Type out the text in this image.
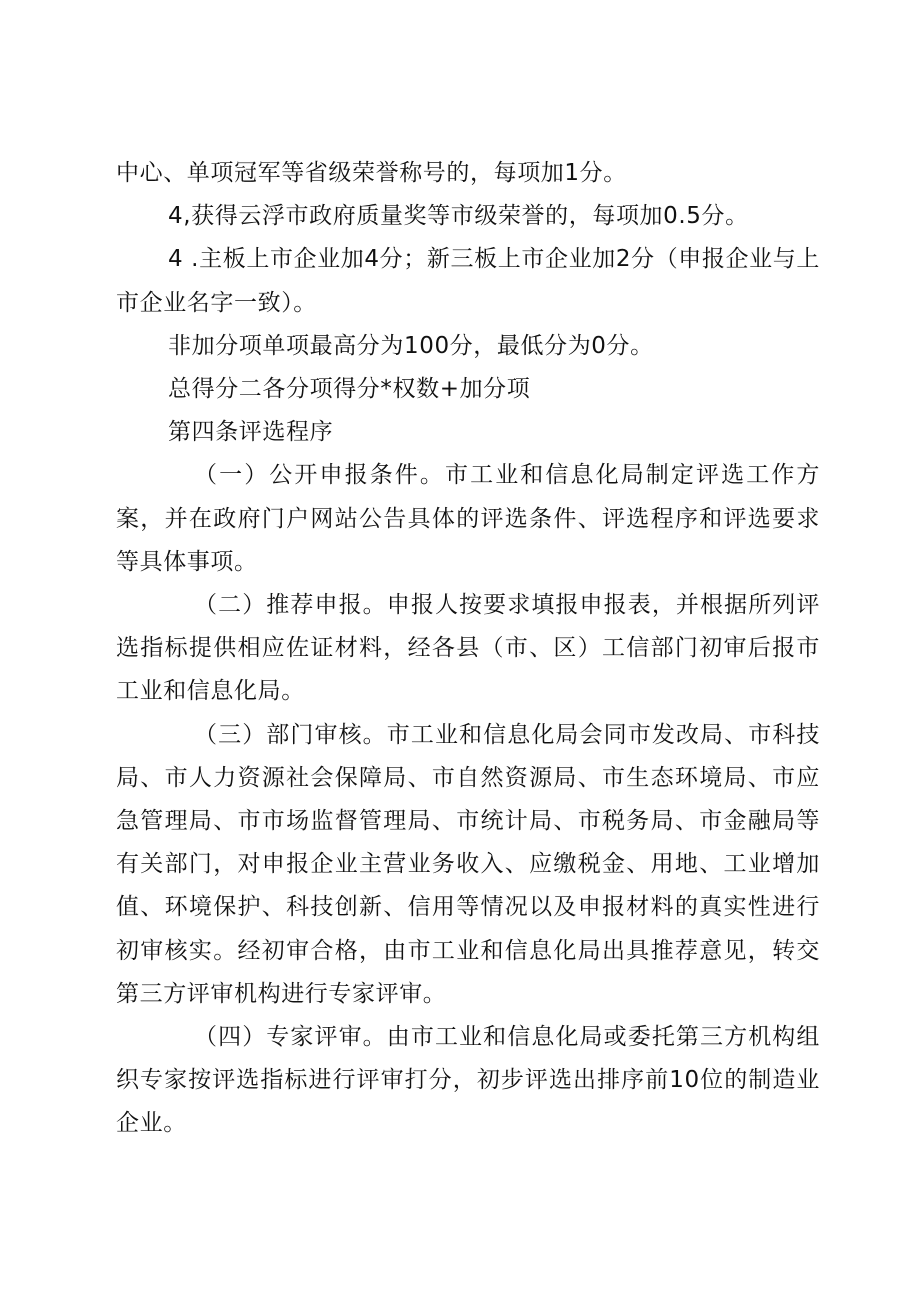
中心、单项冠军等省级荣誉称号的，每项加1分。

4,获得云浮市政府质量奖等市级荣誉的，每项加0.5分。

4 .主板上市企业加4分；新三板上市企业加2分（申报企业与上市企业名字一致）。

非加分项单项最高分为100分，最低分为0分。

总得分二各分项得分*权数+加分项

第四条评选程序

（一）公开申报条件。市工业和信息化局制定评选工作方案，并在政府门户网站公告具体的评选条件、评选程序和评选要求等具体事项。

（二）推荐申报。申报人按要求填报申报表，并根据所列评选指标提供相应佐证材料，经各县（市、区）工信部门初审后报市工业和信息化局。

（三）部门审核。市工业和信息化局会同市发改局、市科技局、市人力资源社会保障局、市自然资源局、市生态环境局、市应急管理局、市市场监督管理局、市统计局、市税务局、市金融局等有关部门，对申报企业主营业务收入、应缴税金、用地、工业增加值、环境保护、科技创新、信用等情况以及申报材料的真实性进行初审核实。经初审合格，由市工业和信息化局出具推荐意见，转交第三方评审机构进行专家评审。

（四）专家评审。由市工业和信息化局或委托第三方机构组织专家按评选指标进行评审打分，初步评选出排序前10位的制造业企业。
